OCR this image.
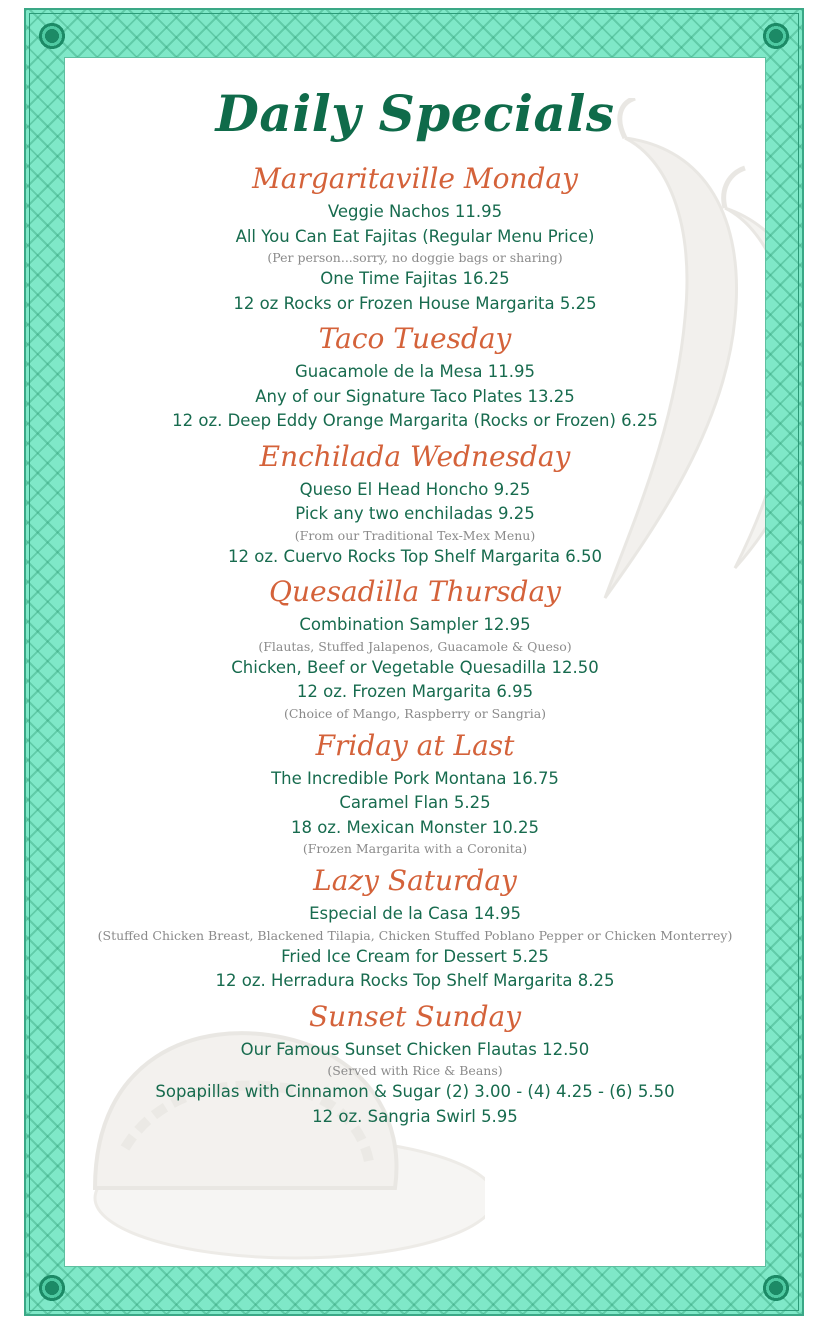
Daily Specials
Margaritaville Monday
Veggie Nachos 11.95
All You Can Eat Fajitas (Regular Menu Price)
(Per person...sorry, no doggie bags or sharing)
One Time Fajitas 16.25
12 oz Rocks or Frozen House Margarita 5.25
Taco Tuesday
Guacamole de la Mesa 11.95
Any of our Signature Taco Plates 13.25
12 oz. Deep Eddy Orange Margarita (Rocks or Frozen) 6.25
Enchilada Wednesday
Queso El Head Honcho 9.25
Pick any two enchiladas 9.25
(From our Traditional Tex-Mex Menu)
12 oz. Cuervo Rocks Top Shelf Margarita 6.50
Quesadilla Thursday
Combination Sampler 12.95
(Flautas, Stuffed Jalapenos, Guacamole & Queso)
Chicken, Beef or Vegetable Quesadilla 12.50
12 oz. Frozen Margarita 6.95
(Choice of Mango, Raspberry or Sangria)
Friday at Last
The Incredible Pork Montana 16.75
Caramel Flan 5.25
18 oz. Mexican Monster 10.25
(Frozen Margarita with a Coronita)
Lazy Saturday
Especial de la Casa 14.95
(Stuffed Chicken Breast, Blackened Tilapia, Chicken Stuffed Poblano Pepper or Chicken Monterrey)
Fried Ice Cream for Dessert 5.25
12 oz. Herradura Rocks Top Shelf Margarita 8.25
Sunset Sunday
Our Famous Sunset Chicken Flautas 12.50
(Served with Rice & Beans)
Sopapillas with Cinnamon & Sugar (2) 3.00 - (4) 4.25 - (6) 5.50
12 oz. Sangria Swirl 5.95
